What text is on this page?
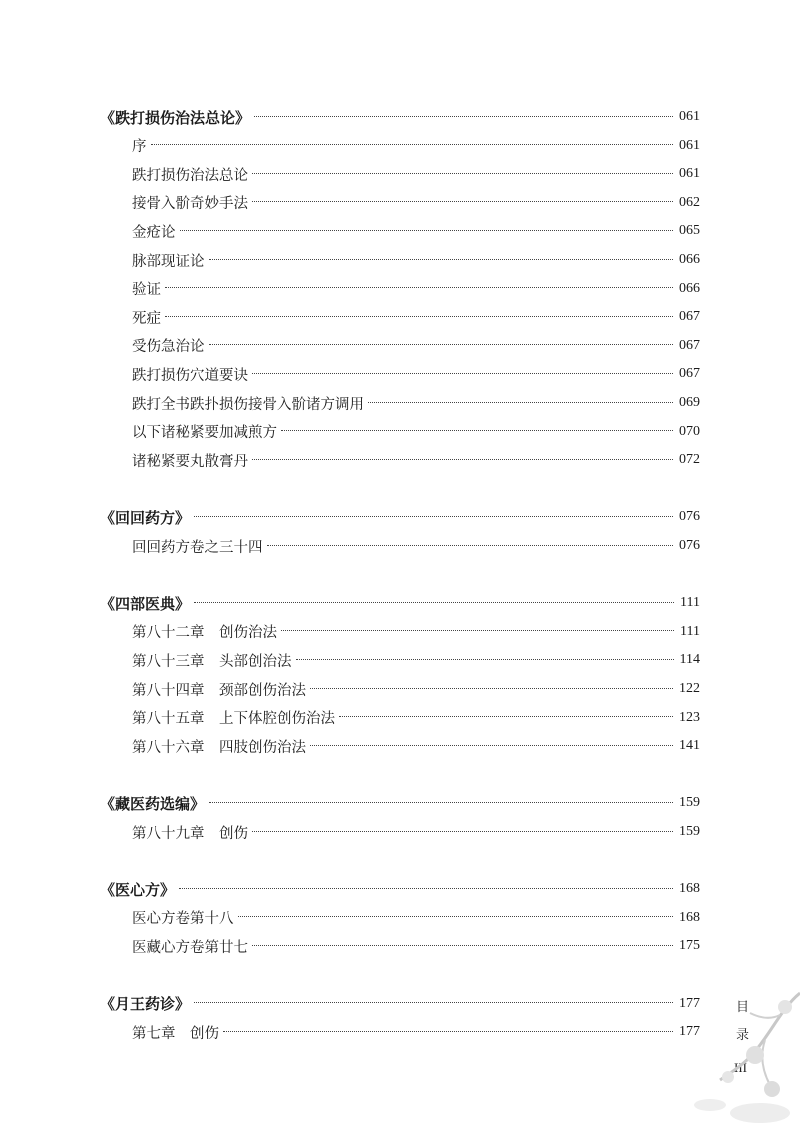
《跌打损伤治法总论》	061
序	061
跌打损伤治法总论	061
接骨入骱奇妙手法	062
金疮论	065
脉部现证论	066
验证	066
死症	067
受伤急治论	067
跌打损伤穴道要诀	067
跌打全书跌扑损伤接骨入骱诸方调用	069
以下诸秘紧要加减煎方	070
诸秘紧要丸散膏丹	072
《回回药方》	076
回回药方卷之三十四	076
《四部医典》	111
第八十二章　创伤治法	111
第八十三章　头部创治法	114
第八十四章　颈部创伤治法	122
第八十五章　上下体腔创伤治法	123
第八十六章　四肢创伤治法	141
《藏医药选编》	159
第八十九章　创伤	159
《医心方》	168
医心方卷第十八	168
医藏心方卷第廿七	175
《月王药诊》	177
第七章　创伤	177
目
录
III
